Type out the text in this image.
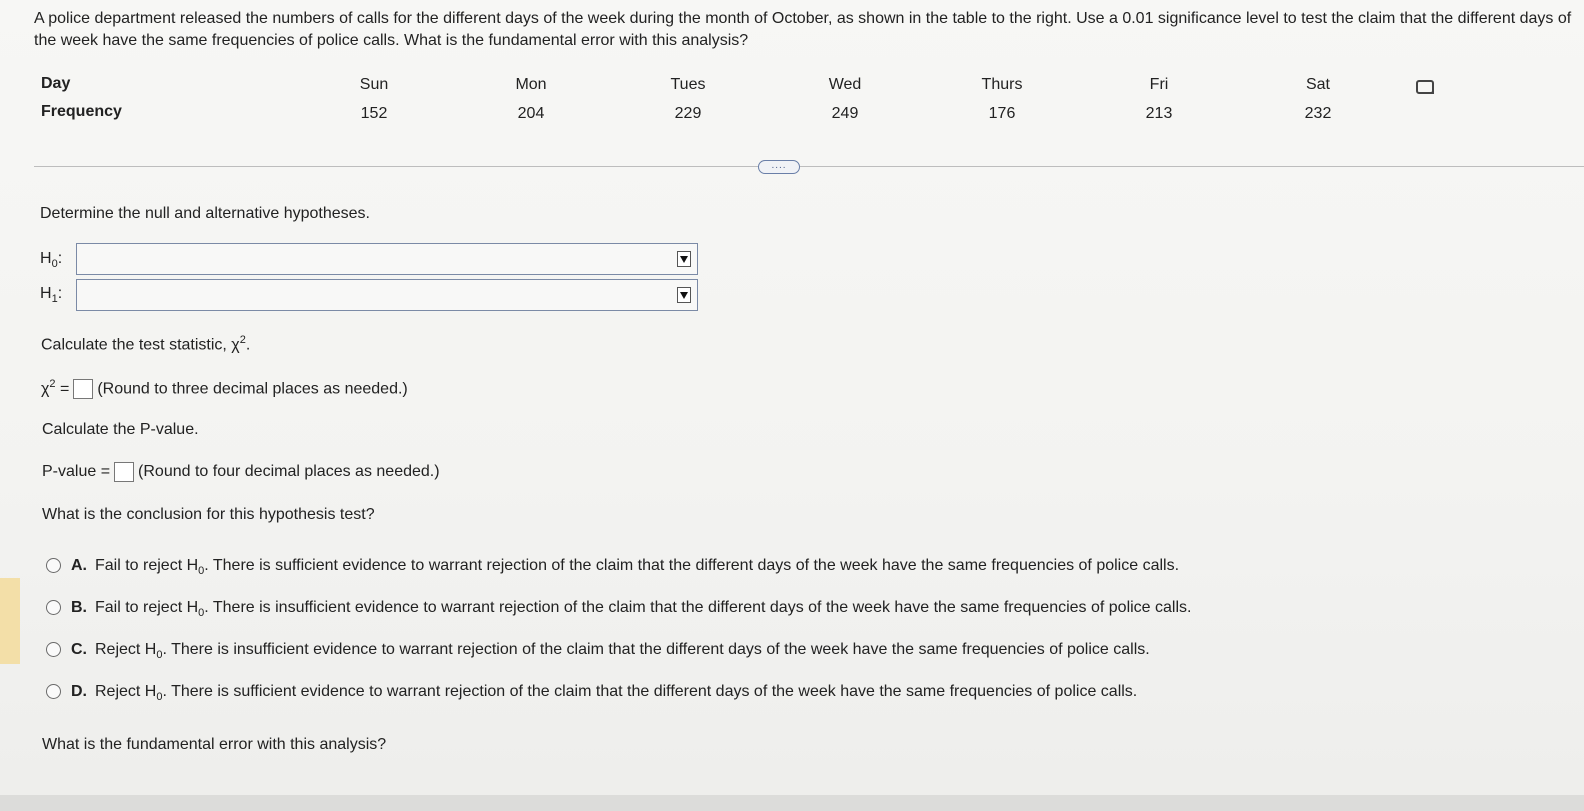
A police department released the numbers of calls for the different days of the week during the month of October, as shown in the table to the right. Use a 0.01 significance level to test the claim that the different days of the week have the same frequencies of police calls. What is the fundamental error with this analysis?
Day
Frequency
Sun
152
Mon
204
Tues
229
Wed
249
Thurs
176
Fri
213
Sat
232
....
Determine the null and alternative hypotheses.
$H_0$:
$H_1$:
Calculate the test statistic, $\chi^2$.
$\chi^2$ = (Round to three decimal places as needed.)
Calculate the P-value.
P-value = (Round to four decimal places as needed.)
What is the conclusion for this hypothesis test?
A. Fail to reject $H_0$. There is sufficient evidence to warrant rejection of the claim that the different days of the week have the same frequencies of police calls.
B. Fail to reject $H_0$. There is insufficient evidence to warrant rejection of the claim that the different days of the week have the same frequencies of police calls.
C. Reject $H_0$. There is insufficient evidence to warrant rejection of the claim that the different days of the week have the same frequencies of police calls.
D. Reject $H_0$. There is sufficient evidence to warrant rejection of the claim that the different days of the week have the same frequencies of police calls.
What is the fundamental error with this analysis?
